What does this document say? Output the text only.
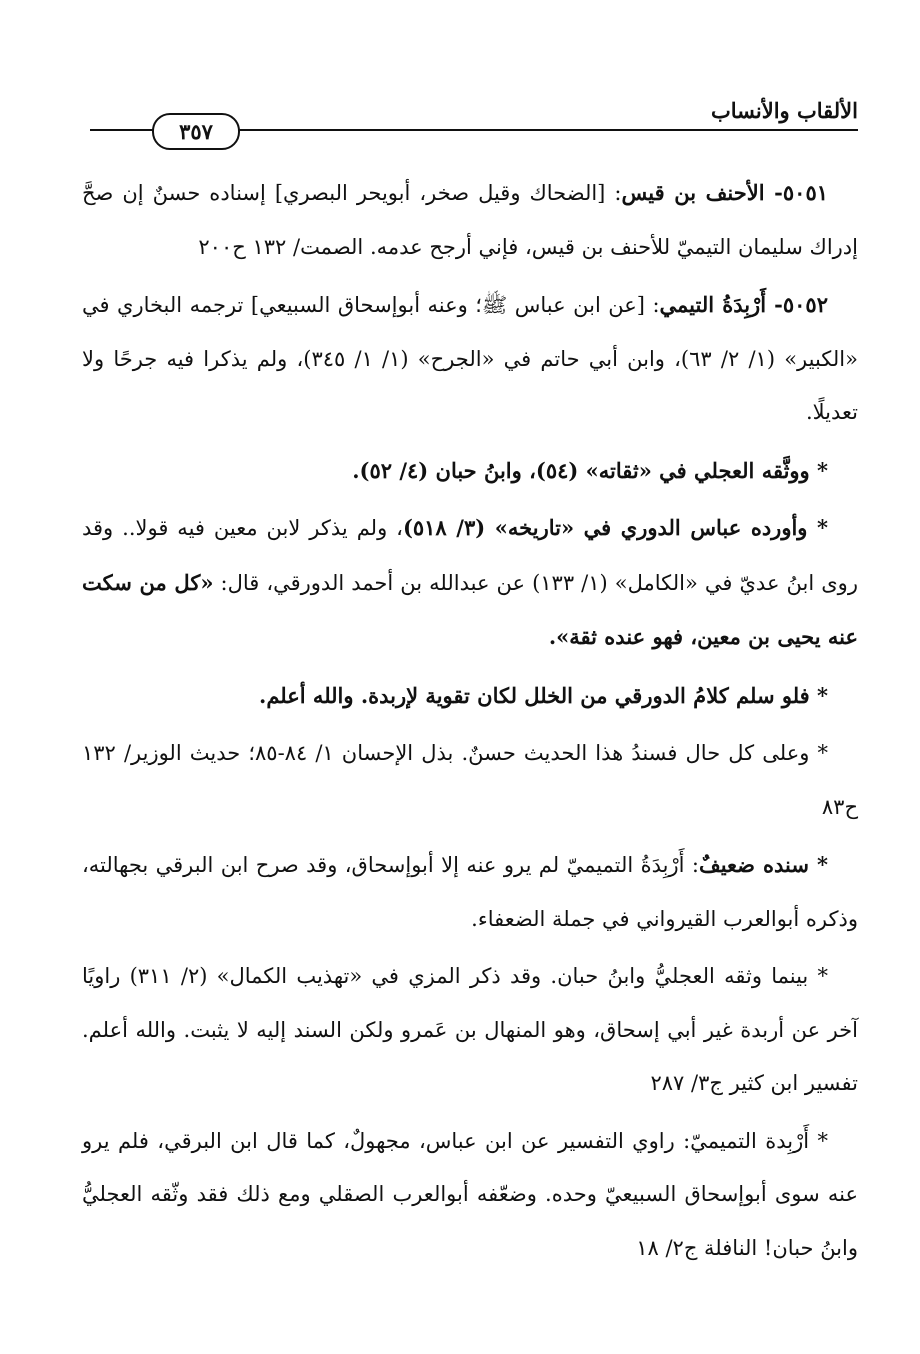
الألقاب والأنساب
٣٥٧

٥٠٥١- الأحنف بن قيس: [الضحاك وقيل صخر، أبويحر البصري] إسناده حسنٌ إن صحَّ إدراك سليمان التيميّ للأحنف بن قيس، فإني أرجح عدمه. الصمت/ ١٣٢ ح٢٠٠

٥٠٥٢- أَرْبِدَةُ التيمي: [عن ابن عباس ﷺ؛ وعنه أبوإسحاق السبيعي] ترجمه البخاري في «الكبير» (١/ ٢/ ٦٣)، وابن أبي حاتم في «الجرح» (١/ ١/ ٣٤٥)، ولم يذكرا فيه جرحًا ولا تعديلًا.

* ووثَّقه العجلي في «ثقاته» (٥٤)، وابنُ حبان (٤/ ٥٢).

* وأورده عباس الدوري في «تاريخه» (٣/ ٥١٨)، ولم يذكر لابن معين فيه قولا.. وقد روى ابنُ عديّ في «الكامل» (١/ ١٣٣) عن عبدالله بن أحمد الدورقي، قال: «كل من سكت عنه يحيى بن معين، فهو عنده ثقة».

* فلو سلم كلامُ الدورقي من الخلل لكان تقوية لإربدة. والله أعلم.

* وعلى كل حال فسندُ هذا الحديث حسنٌ. بذل الإحسان ١/ ٨٤-٨٥؛ حديث الوزير/ ١٣٢ ح٨٣

* سنده ضعيفٌ: أَرْبِدَةُ التميميّ لم يرو عنه إلا أبوإسحاق، وقد صرح ابن البرقي بجهالته، وذكره أبوالعرب القيرواني في جملة الضعفاء.

* بينما وثقه العجليُّ وابنُ حبان. وقد ذكر المزي في «تهذيب الكمال» (٢/ ٣١١) راويًا آخر عن أربدة غير أبي إسحاق، وهو المنهال بن عَمرو ولكن السند إليه لا يثبت. والله أعلم. تفسير ابن كثير ج٣/ ٢٨٧

* أَرْبِدة التميميّ: راوي التفسير عن ابن عباس، مجهولٌ، كما قال ابن البرقي، فلم يرو عنه سوى أبوإسحاق السبيعيّ وحده. وضعّفه أبوالعرب الصقلي ومع ذلك فقد وثّقه العجليُّ وابنُ حبان! النافلة ج٢/ ١٨
